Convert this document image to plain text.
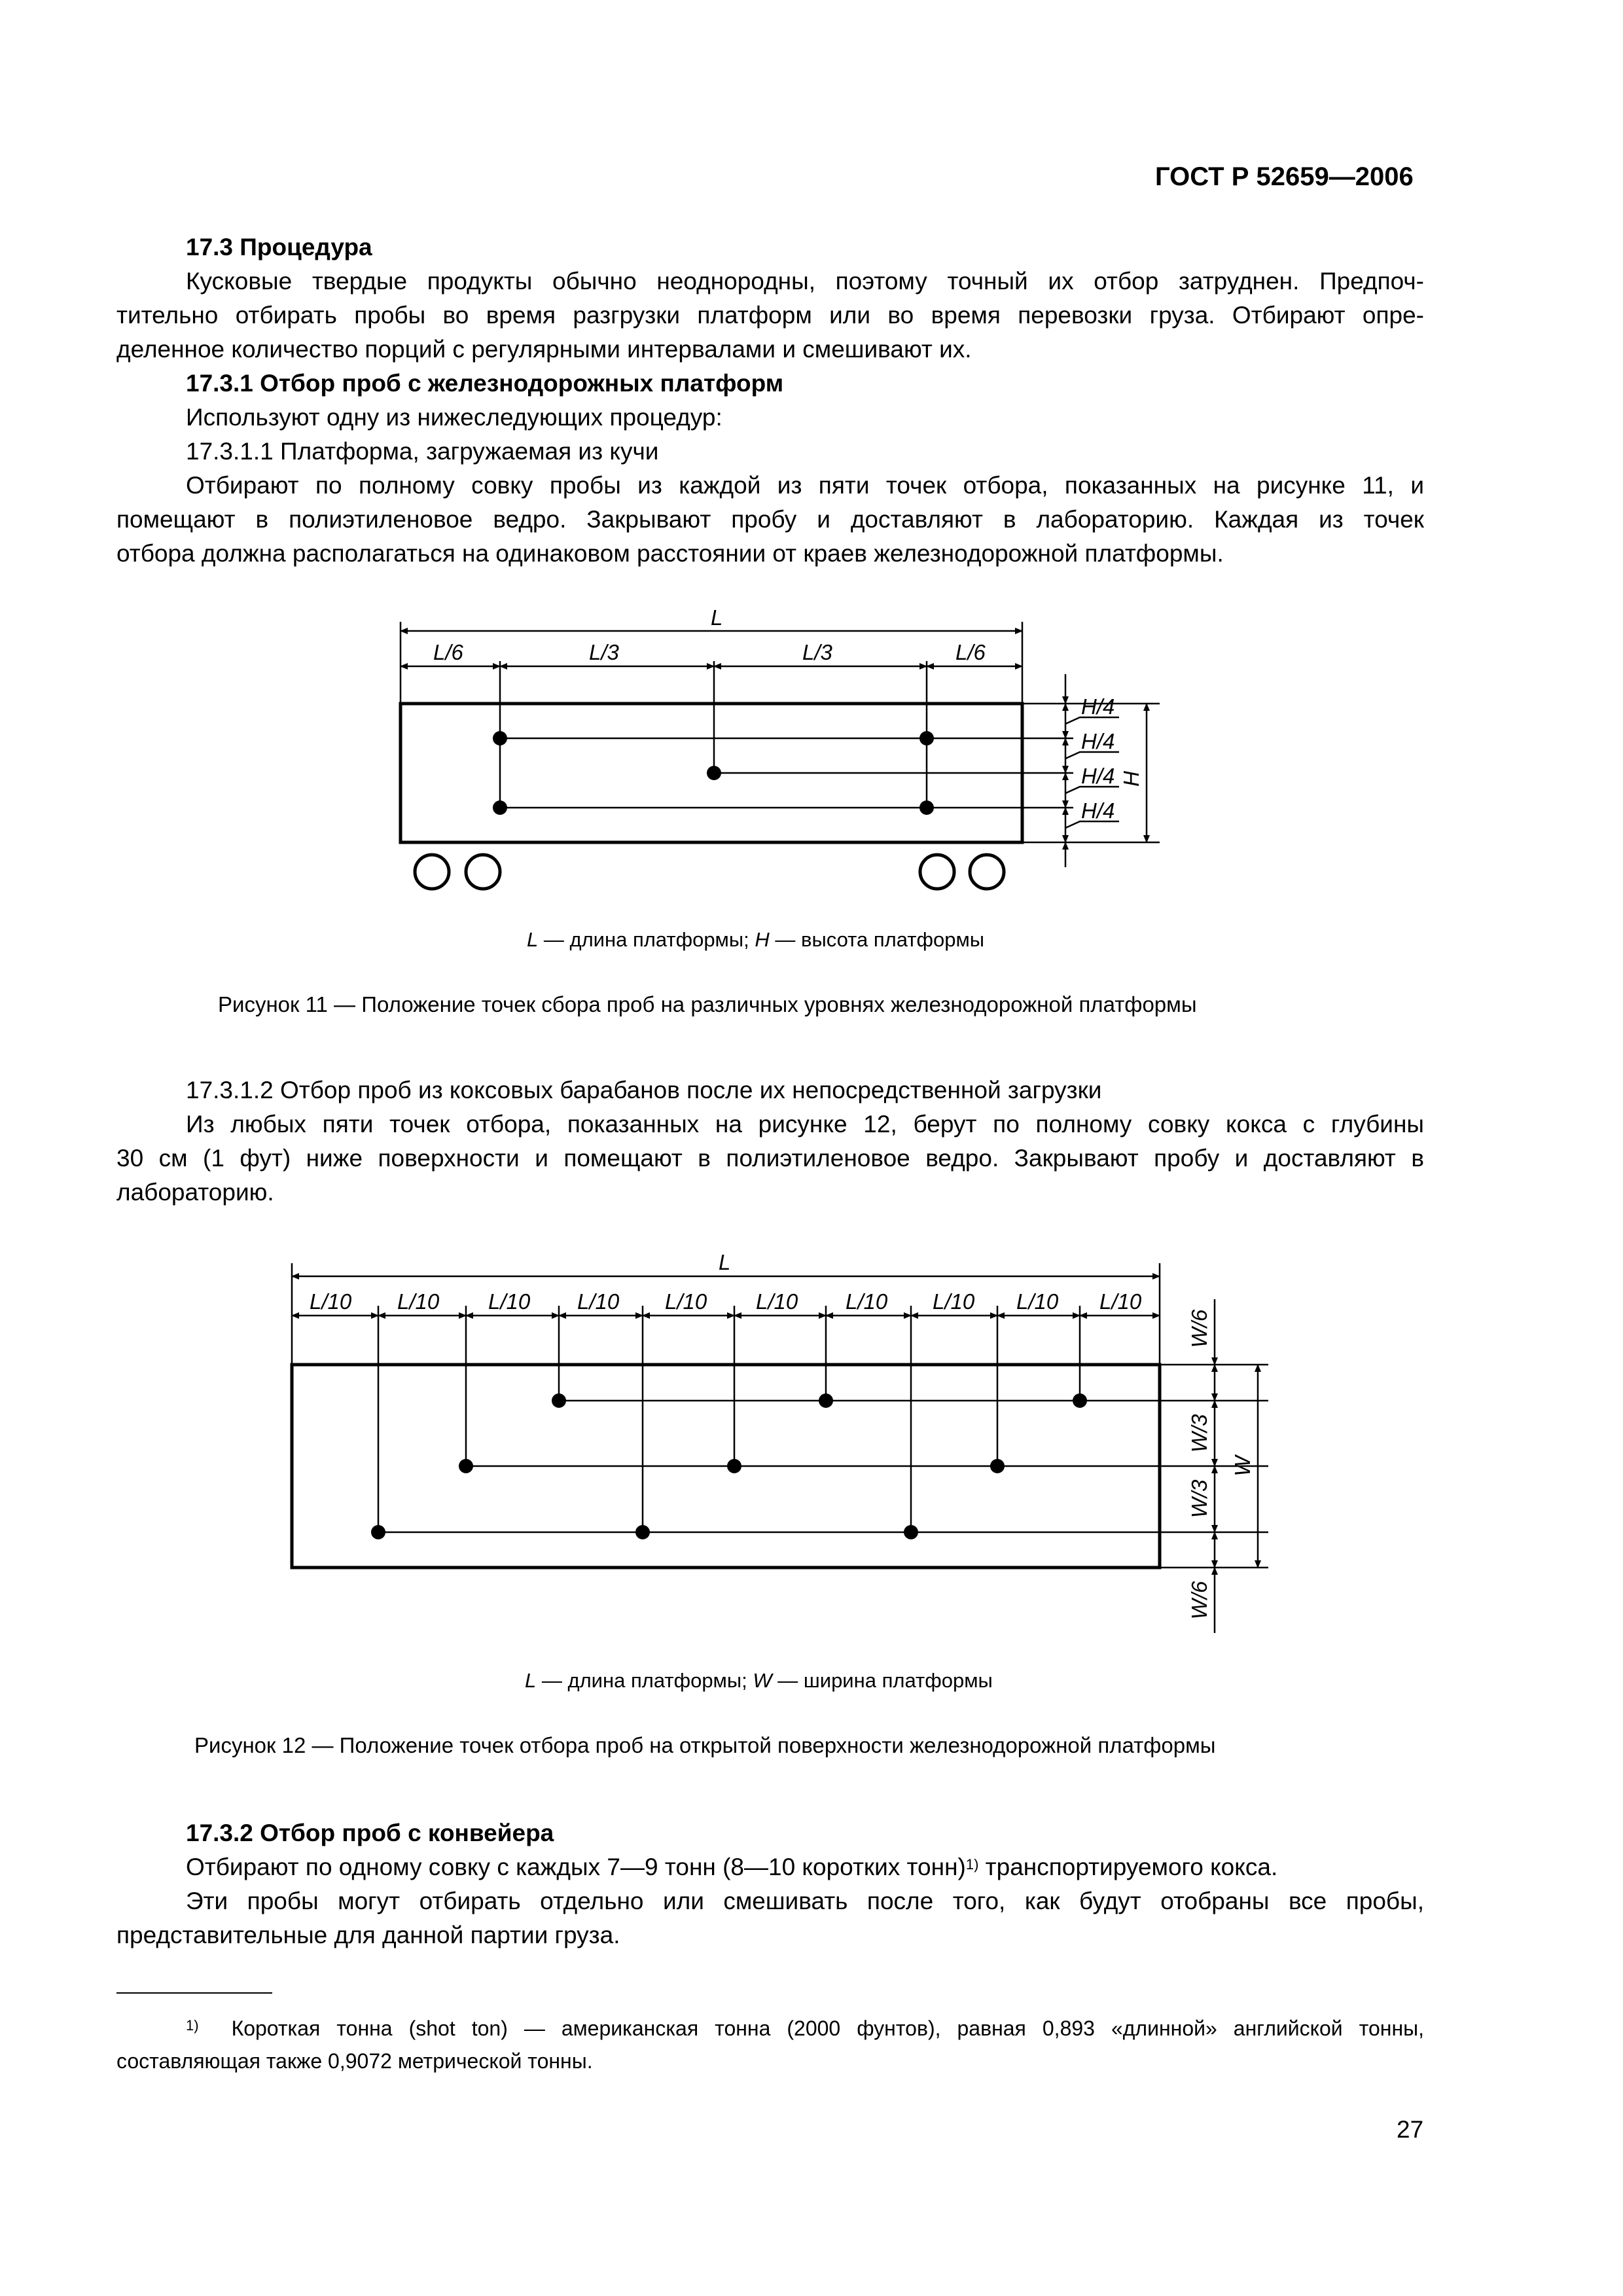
ГОСТ Р 52659—2006
17.3 Процедура
Кусковые твердые продукты обычно неоднородны, поэтому точный их отбор затруднен. Предпоч-
тительно отбирать пробы во время разгрузки платформ или во время перевозки груза. Отбирают опре-
деленное количество порций с регулярными интервалами и смешивают их.
17.3.1 Отбор проб с железнодорожных платформ
Используют одну из нижеследующих процедур:
17.3.1.1 Платформа, загружаемая из кучи
Отбирают по полному совку пробы из каждой из пяти точек отбора, показанных на рисунке 11, и
помещают в полиэтиленовое ведро. Закрывают пробу и доставляют в лабораторию. Каждая из точек
отбора должна располагаться на одинаковом расстоянии от краев железнодорожной платформы.
L
L/6	L/3	L/3	L/6
H/4
H/4
H/4
H/4
H
L — длина платформы; H — высота платформы
Рисунок 11 — Положение точек сбора проб на различных уровнях железнодорожной платформы
17.3.1.2 Отбор проб из коксовых барабанов после их непосредственной загрузки
Из любых пяти точек отбора, показанных на рисунке 12, берут по полному совку кокса с глубины
30 см (1 фут) ниже поверхности и помещают в полиэтиленовое ведро. Закрывают пробу и доставляют в
лабораторию.
L
L/10 L/10 L/10 L/10 L/10 L/10 L/10 L/10 L/10 L/10
W/6
W/3
W/3
W/6
W
L — длина платформы; W — ширина платформы
Рисунок 12 — Положение точек отбора проб на открытой поверхности железнодорожной платформы
17.3.2 Отбор проб с конвейера
Отбирают по одному совку с каждых 7—9 тонн (8—10 коротких тонн)$^{1)}$ транспортируемого кокса.
Эти пробы могут отбирать отдельно или смешивать после того, как будут отобраны все пробы,
представительные для данной партии груза.
$^{1)}$ Короткая тонна (shot ton) — американская тонна (2000 фунтов), равная 0,893 «длинной» английской тонны,
составляющая также 0,9072 метрической тонны.
27
